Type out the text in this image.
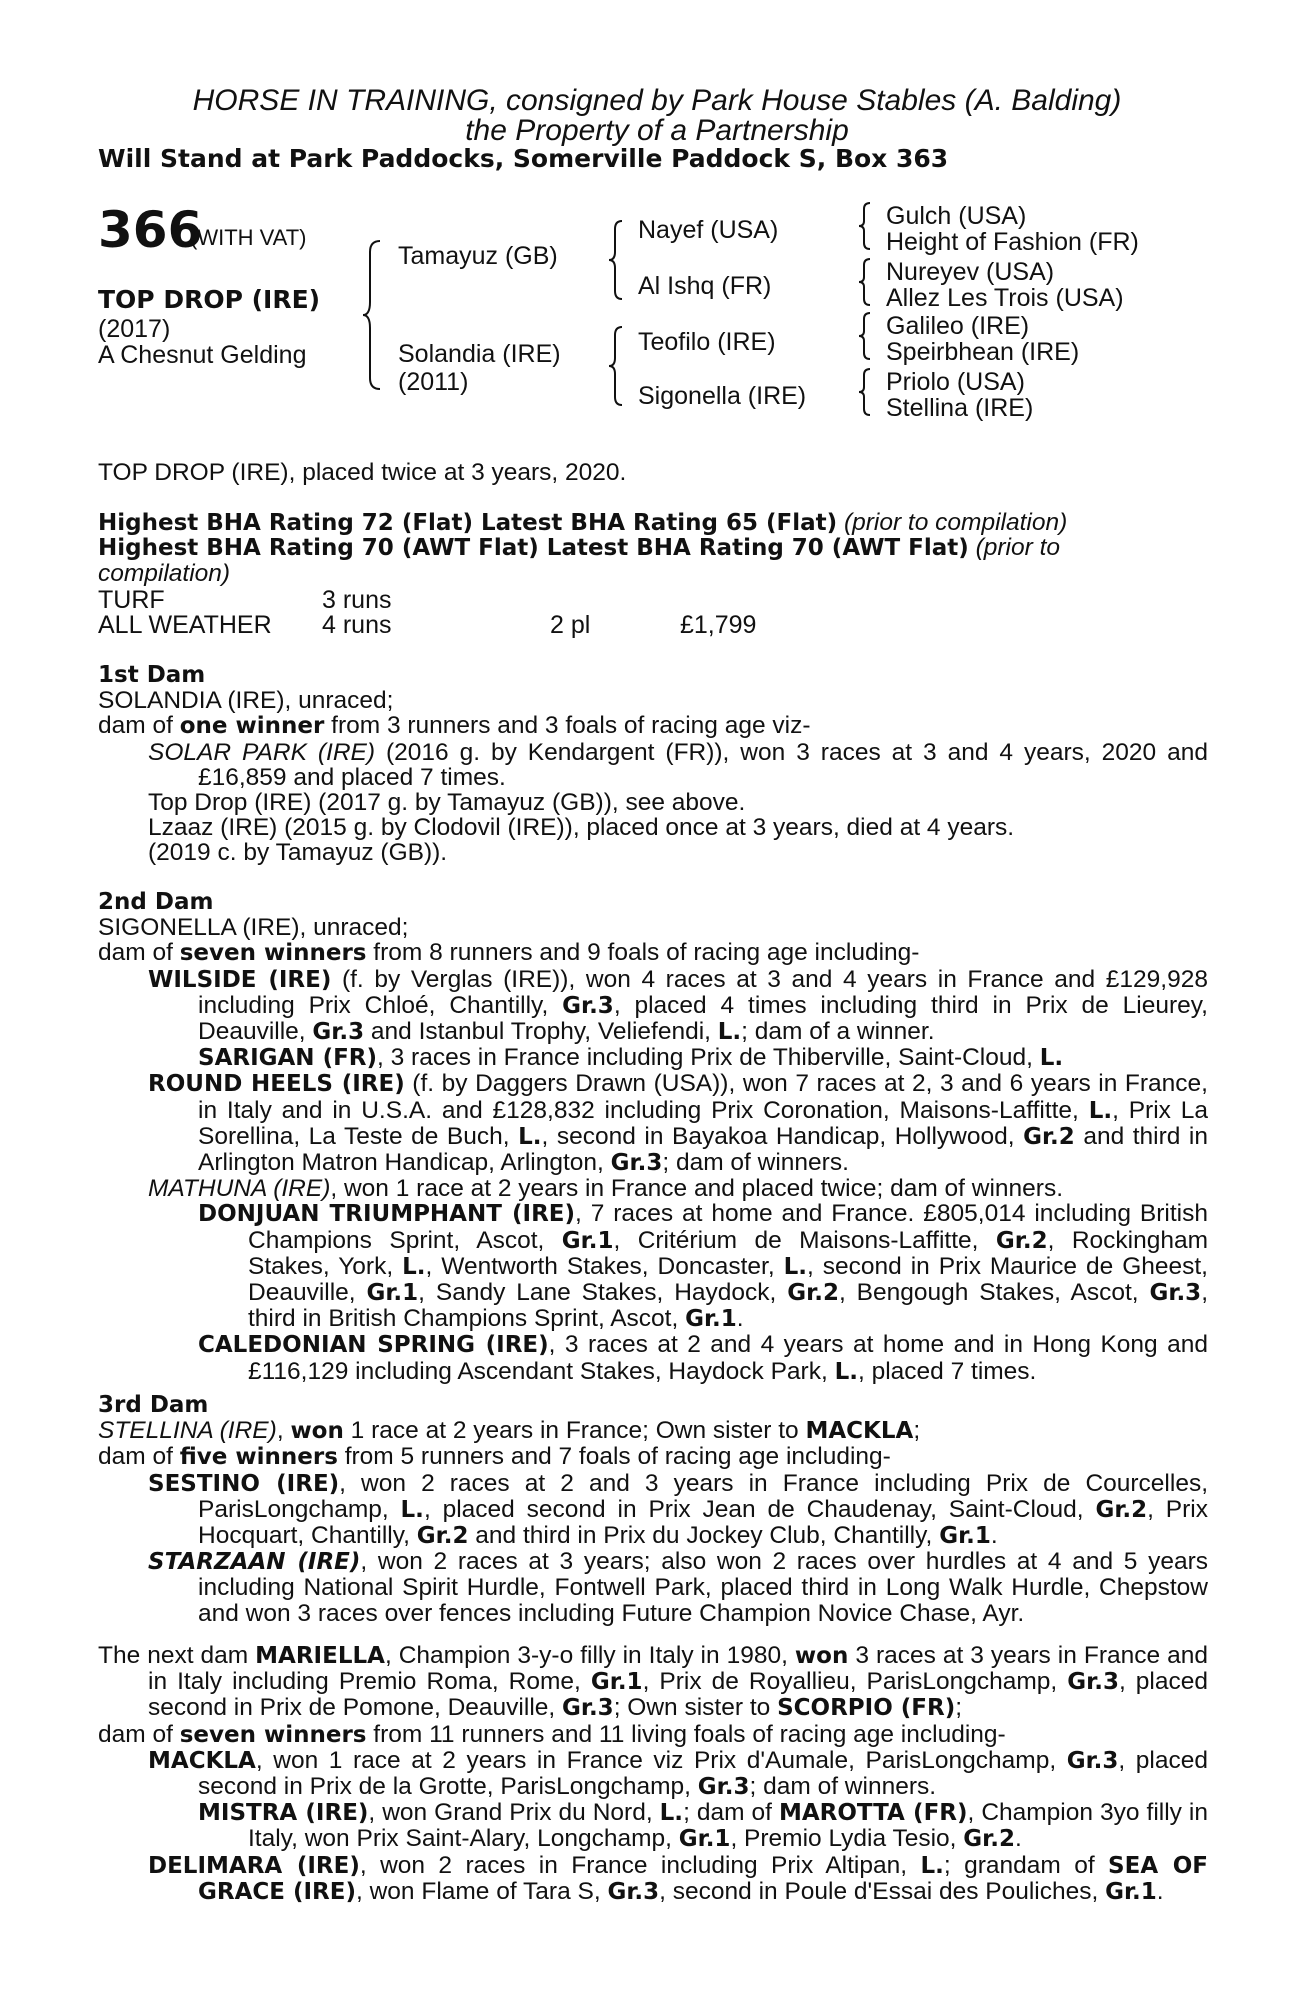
HORSE IN TRAINING, consigned by Park House Stables (A. Balding)
the Property of a Partnership
Will Stand at Park Paddocks, Somerville Paddock S, Box 363
366
(WITH VAT)
TOP DROP (IRE)
(2017)
A Chesnut Gelding
Tamayuz (GB)
Solandia (IRE)
(2011)
Nayef (USA)
Al Ishq (FR)
Teofilo (IRE)
Sigonella (IRE)
Gulch (USA)
Height of Fashion (FR)
Nureyev (USA)
Allez Les Trois (USA)
Galileo (IRE)
Speirbhean (IRE)
Priolo (USA)
Stellina (IRE)
TOP DROP (IRE), placed twice at 3 years, 2020.
Highest BHA Rating 72 (Flat) Latest BHA Rating 65 (Flat) (prior to compilation)
Highest BHA Rating 70 (AWT Flat) Latest BHA Rating 70 (AWT Flat) (prior to
compilation)
TURF	3 runs
ALL WEATHER 4 runs	2 pl	£1,799
1st Dam
SOLANDIA (IRE), unraced;
dam of one winner from 3 runners and 3 foals of racing age viz-
SOLAR PARK (IRE) (2016 g. by Kendargent (FR)), won 3 races at 3 and 4 years, 2020 and £16,859 and placed 7 times.
Top Drop (IRE) (2017 g. by Tamayuz (GB)), see above.
Lzaaz (IRE) (2015 g. by Clodovil (IRE)), placed once at 3 years, died at 4 years.
(2019 c. by Tamayuz (GB)).
2nd Dam
SIGONELLA (IRE), unraced;
dam of seven winners from 8 runners and 9 foals of racing age including-
WILSIDE (IRE) (f. by Verglas (IRE)), won 4 races at 3 and 4 years in France and £129,928 including Prix Chloé, Chantilly, Gr.3, placed 4 times including third in Prix de Lieurey, Deauville, Gr.3 and Istanbul Trophy, Veliefendi, L.; dam of a winner.
SARIGAN (FR), 3 races in France including Prix de Thiberville, Saint-Cloud, L.
ROUND HEELS (IRE) (f. by Daggers Drawn (USA)), won 7 races at 2, 3 and 6 years in France, in Italy and in U.S.A. and £128,832 including Prix Coronation, Maisons-Laffitte, L., Prix La Sorellina, La Teste de Buch, L., second in Bayakoa Handicap, Hollywood, Gr.2 and third in Arlington Matron Handicap, Arlington, Gr.3; dam of winners.
MATHUNA (IRE), won 1 race at 2 years in France and placed twice; dam of winners.
DONJUAN TRIUMPHANT (IRE), 7 races at home and France. £805,014 including British Champions Sprint, Ascot, Gr.1, Critérium de Maisons-Laffitte, Gr.2, Rockingham Stakes, York, L., Wentworth Stakes, Doncaster, L., second in Prix Maurice de Gheest, Deauville, Gr.1, Sandy Lane Stakes, Haydock, Gr.2, Bengough Stakes, Ascot, Gr.3, third in British Champions Sprint, Ascot, Gr.1.
CALEDONIAN SPRING (IRE), 3 races at 2 and 4 years at home and in Hong Kong and £116,129 including Ascendant Stakes, Haydock Park, L., placed 7 times.
3rd Dam
STELLINA (IRE), won 1 race at 2 years in France; Own sister to MACKLA;
dam of five winners from 5 runners and 7 foals of racing age including-
SESTINO (IRE), won 2 races at 2 and 3 years in France including Prix de Courcelles, ParisLongchamp, L., placed second in Prix Jean de Chaudenay, Saint-Cloud, Gr.2, Prix Hocquart, Chantilly, Gr.2 and third in Prix du Jockey Club, Chantilly, Gr.1.
STARZAAN (IRE), won 2 races at 3 years; also won 2 races over hurdles at 4 and 5 years including National Spirit Hurdle, Fontwell Park, placed third in Long Walk Hurdle, Chepstow and won 3 races over fences including Future Champion Novice Chase, Ayr.
The next dam MARIELLA, Champion 3-y-o filly in Italy in 1980, won 3 races at 3 years in France and in Italy including Premio Roma, Rome, Gr.1, Prix de Royallieu, ParisLongchamp, Gr.3, placed second in Prix de Pomone, Deauville, Gr.3; Own sister to SCORPIO (FR);
dam of seven winners from 11 runners and 11 living foals of racing age including-
MACKLA, won 1 race at 2 years in France viz Prix d'Aumale, ParisLongchamp, Gr.3, placed second in Prix de la Grotte, ParisLongchamp, Gr.3; dam of winners.
MISTRA (IRE), won Grand Prix du Nord, L.; dam of MAROTTA (FR), Champion 3yo filly in Italy, won Prix Saint-Alary, Longchamp, Gr.1, Premio Lydia Tesio, Gr.2.
DELIMARA (IRE), won 2 races in France including Prix Altipan, L.; grandam of SEA OF GRACE (IRE), won Flame of Tara S, Gr.3, second in Poule d'Essai des Pouliches, Gr.1.
